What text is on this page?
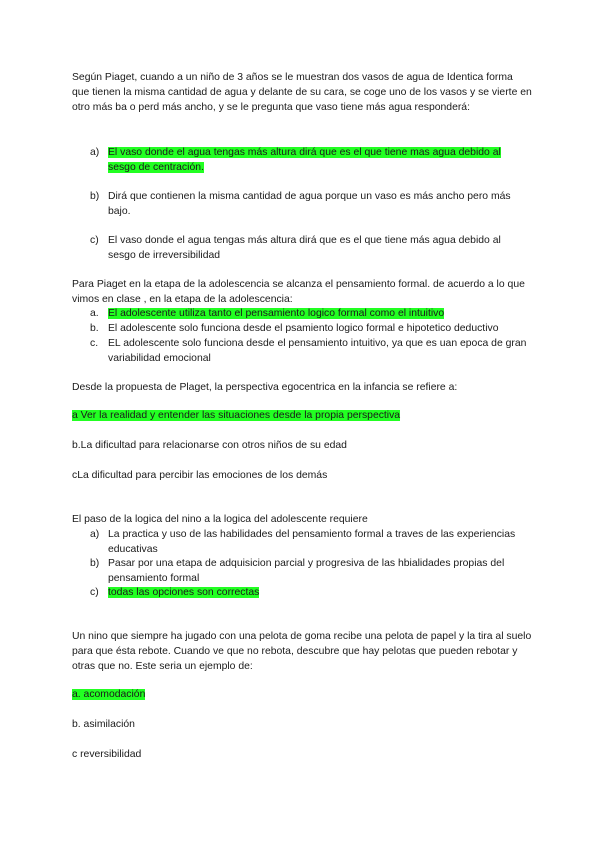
Según Piaget, cuando a un niño de 3 años se le muestran dos vasos de agua de Identica forma que tienen la misma cantidad de agua y delante de su cara, se coge uno de los vasos y se vierte en otro más ba o perd más ancho, y se le pregunta que vaso tiene más agua responderá:
a) El vaso donde el agua tengas más altura dirá que es el que tiene mas agua debido al sesgo de centración.
b) Dirá que contienen la misma cantidad de agua porque un vaso es más ancho pero más bajo.
c) El vaso donde el agua tengas más altura dirá que es el que tiene más agua debido al sesgo de irreversibilidad
Para Piaget en la etapa de la adolescencia se alcanza el pensamiento formal. de acuerdo a lo que vimos en clase , en la etapa de la adolescencia:
a. El adolescente utiliza tanto el pensamiento logico formal como el intuitivo
b. El adolescente solo funciona desde el psamiento logico formal e hipotetico deductivo
c. EL adolescente solo funciona desde el pensamiento intuitivo, ya que es uan epoca de gran variabilidad emocional
Desde la propuesta de Plaget, la perspectiva egocentrica en la infancia se refiere a:
a Ver la realidad y entender las situaciones desde la propia perspectiva
b.La dificultad para relacionarse con otros niños de su edad
cLa dificultad para percibir las emociones de los demás
El paso de la logica del nino a la logica del adolescente requiere
a) La practica y uso de las habilidades del pensamiento formal a traves de las experiencias educativas
b) Pasar por una etapa de adquisicion parcial y progresiva de las hbialidades propias del pensamiento formal
c) todas las opciones son correctas
Un nino que siempre ha jugado con una pelota de goma recibe una pelota de papel y la tira al suelo para que ésta rebote. Cuando ve que no rebota, descubre que hay pelotas que pueden rebotar y otras que no. Este seria un ejemplo de:
a. acomodación
b. asimilación
c reversibilidad
